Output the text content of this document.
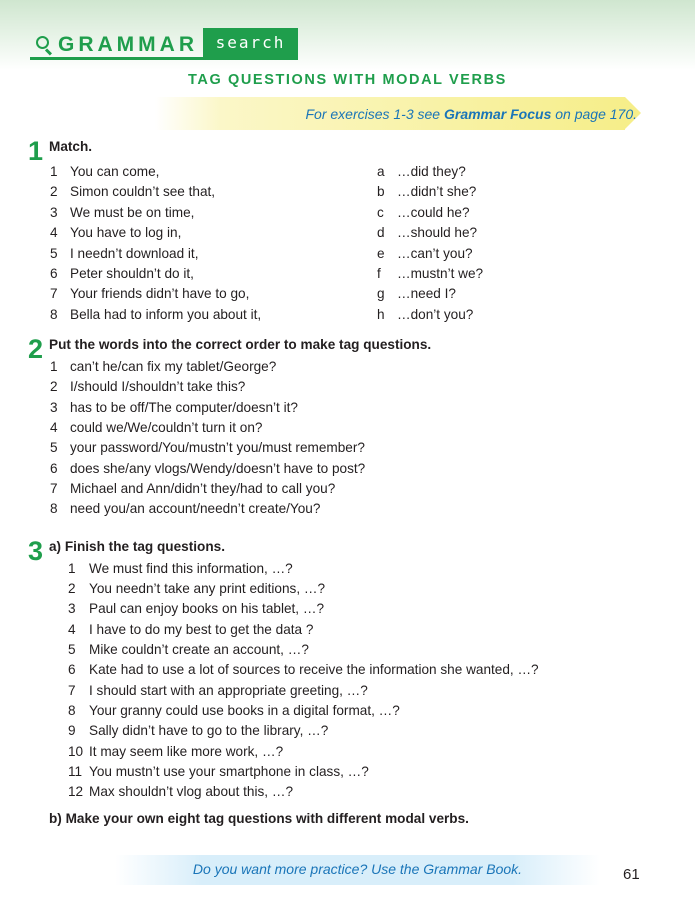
GRAMMAR	search
TAG QUESTIONS WITH MODAL VERBS
For exercises 1-3 see Grammar Focus on page 170.
1 Match.
1 You can come,
2 Simon couldn’t see that,
3 We must be on time,
4 You have to log in,
5 I needn’t download it,
6 Peter shouldn’t do it,
7 Your friends didn’t have to go,
8 Bella had to inform you about it,
a …did they?
b …didn’t she?
c …could he?
d …should he?
e …can’t you?
f …mustn’t we?
g …need I?
h …don’t you?
2 Put the words into the correct order to make tag questions.
1 can’t he/can fix my tablet/George?
2 I/should I/shouldn’t take this?
3 has to be off/The computer/doesn’t it?
4 could we/We/couldn’t turn it on?
5 your password/You/mustn’t you/must remember?
6 does she/any vlogs/Wendy/doesn’t have to post?
7 Michael and Ann/didn’t they/had to call you?
8 need you/an account/needn’t create/You?
3 a) Finish the tag questions.
1 We must find this information, …?
2 You needn’t take any print editions, …?
3 Paul can enjoy books on his tablet, …?
4 I have to do my best to get the data ?
5 Mike couldn’t create an account, …?
6 Kate had to use a lot of sources to receive the information she wanted, …?
7 I should start with an appropriate greeting, …?
8 Your granny could use books in a digital format, …?
9 Sally didn’t have to go to the library, …?
10 It may seem like more work, …?
11 You mustn’t use your smartphone in class, …?
12 Max shouldn’t vlog about this, …?
b) Make your own eight tag questions with different modal verbs.
Do you want more practice? Use the Grammar Book.	61
